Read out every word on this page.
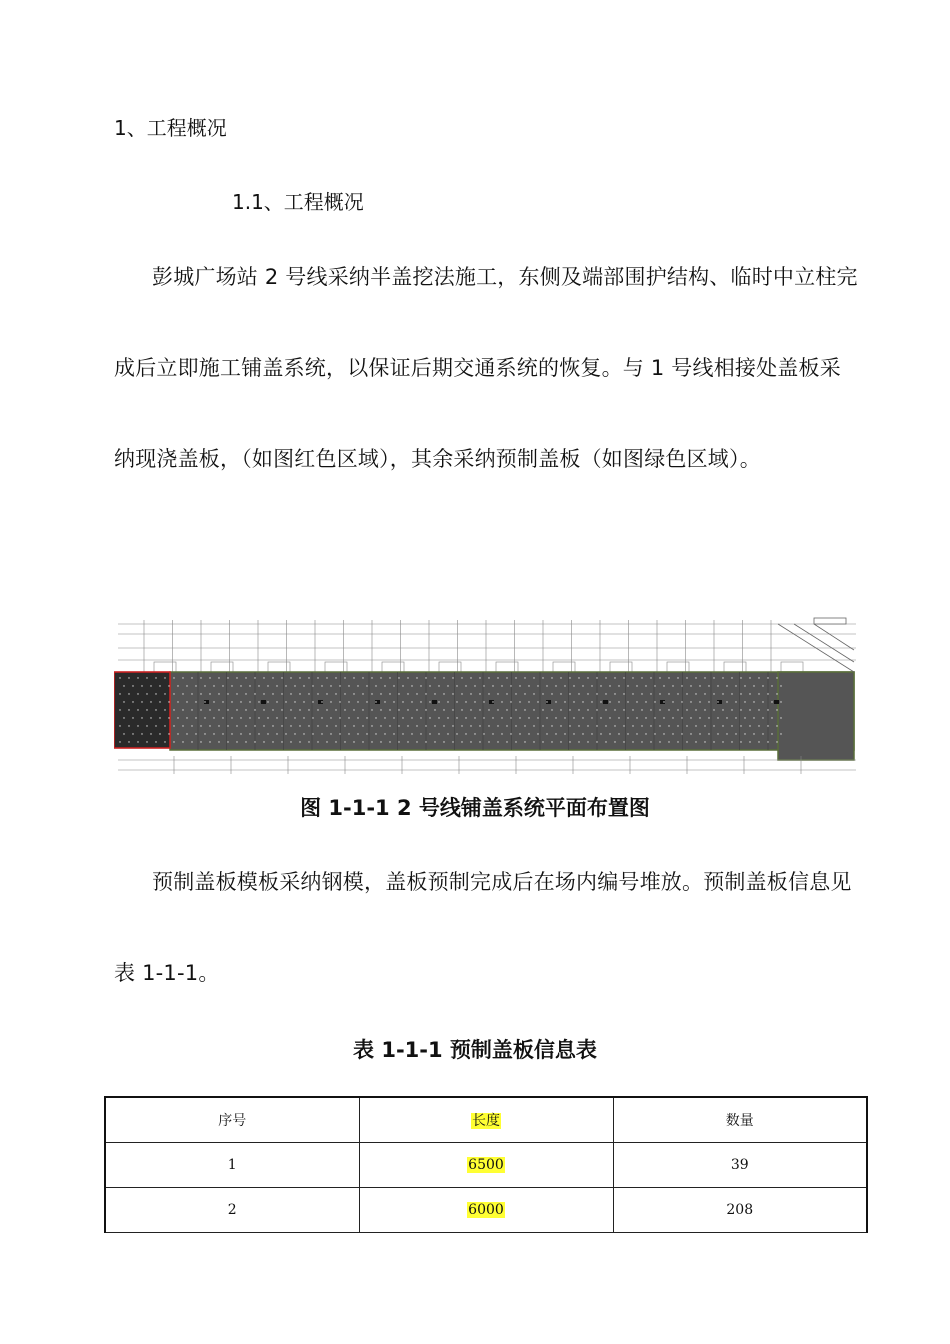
1、工程概况
1.1、工程概况

彭城广场站 2 号线采纳半盖挖法施工，东侧及端部围护结构、临时中立柱完成后立即施工铺盖系统，以保证后期交通系统的恢复。与 1 号线相接处盖板采纳现浇盖板，（如图红色区域），其余采纳预制盖板（如图绿色区域）。

图 1-1-1 2 号线铺盖系统平面布置图

预制盖板模板采纳钢模，盖板预制完成后在场内编号堆放。预制盖板信息见表 1-1-1。

表 1-1-1 预制盖板信息表
序号	长度	数量
1	6500	39
2	6000	208
